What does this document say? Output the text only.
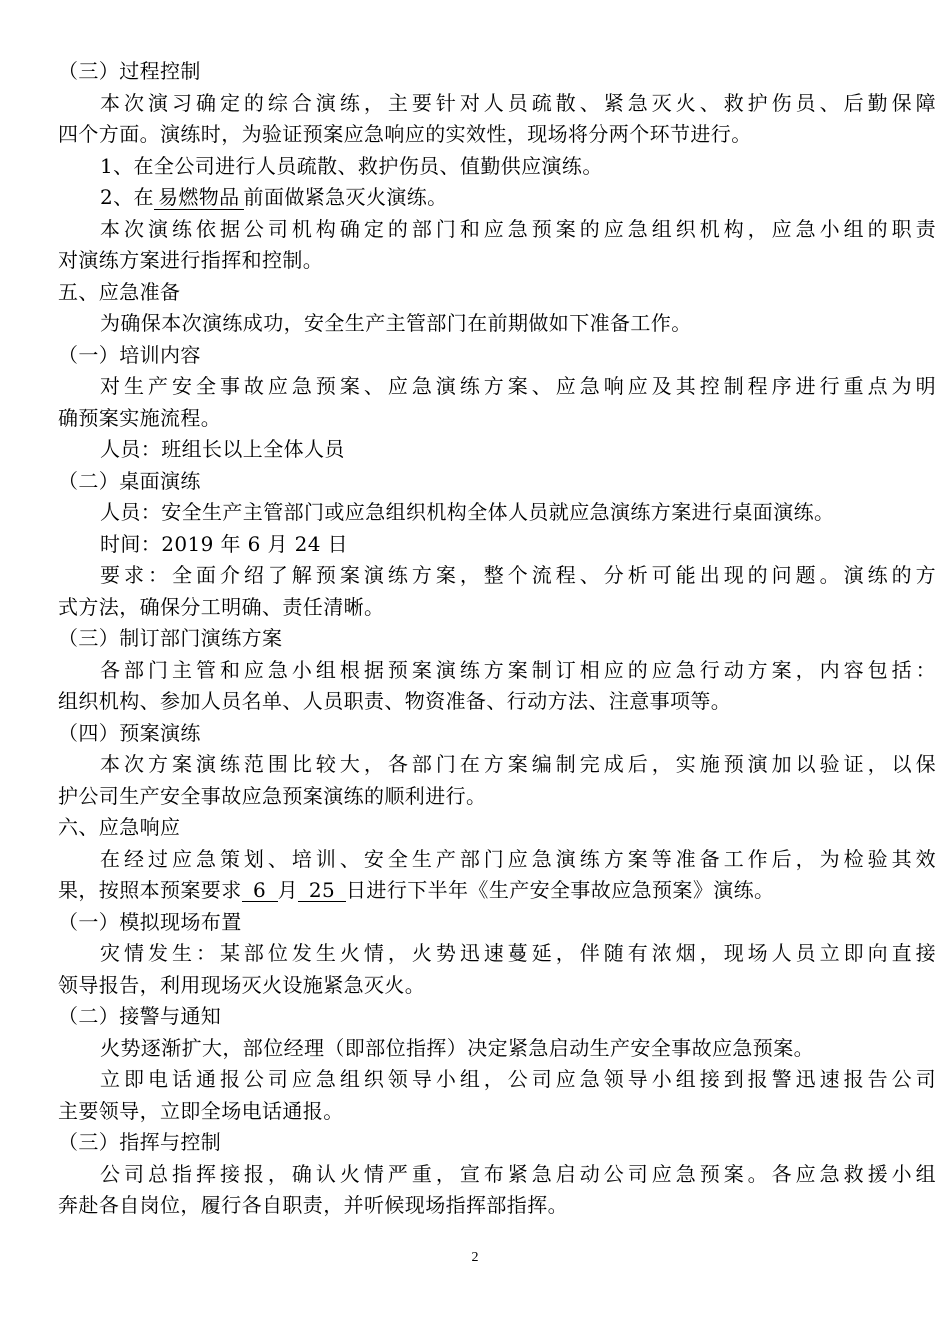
（三）过程控制
本次演习确定的综合演练，主要针对人员疏散、紧急灭火、救护伤员、后勤保障
四个方面。演练时，为验证预案应急响应的实效性，现场将分两个环节进行。
1、在全公司进行人员疏散、救护伤员、值勤供应演练。
2、在 易燃物品 前面做紧急灭火演练。
本次演练依据公司机构确定的部门和应急预案的应急组织机构，应急小组的职责
对演练方案进行指挥和控制。
五、应急准备
为确保本次演练成功，安全生产主管部门在前期做如下准备工作。
（一）培训内容
对生产安全事故应急预案、应急演练方案、应急响应及其控制程序进行重点为明
确预案实施流程。
人员：班组长以上全体人员
（二）桌面演练
人员：安全生产主管部门或应急组织机构全体人员就应急演练方案进行桌面演练。
时间：2019 年 6 月 24 日
要求：全面介绍了解预案演练方案，整个流程、分析可能出现的问题。演练的方
式方法，确保分工明确、责任清晰。
（三）制订部门演练方案
各部门主管和应急小组根据预案演练方案制订相应的应急行动方案，内容包括：
组织机构、参加人员名单、人员职责、物资准备、行动方法、注意事项等。
（四）预案演练
本次方案演练范围比较大，各部门在方案编制完成后，实施预演加以验证，以保
护公司生产安全事故应急预案演练的顺利进行。
六、应急响应
在经过应急策划、培训、安全生产部门应急演练方案等准备工作后，为检验其效
果，按照本预案要求 6 月 25 日进行下半年《生产安全事故应急预案》演练。
（一）模拟现场布置
灾情发生：某部位发生火情，火势迅速蔓延，伴随有浓烟，现场人员立即向直接
领导报告，利用现场灭火设施紧急灭火。
（二）接警与通知
火势逐渐扩大，部位经理（即部位指挥）决定紧急启动生产安全事故应急预案。
立即电话通报公司应急组织领导小组，公司应急领导小组接到报警迅速报告公司
主要领导，立即全场电话通报。
（三）指挥与控制
公司总指挥接报，确认火情严重，宣布紧急启动公司应急预案。各应急救援小组
奔赴各自岗位，履行各自职责，并听候现场指挥部指挥。
2
